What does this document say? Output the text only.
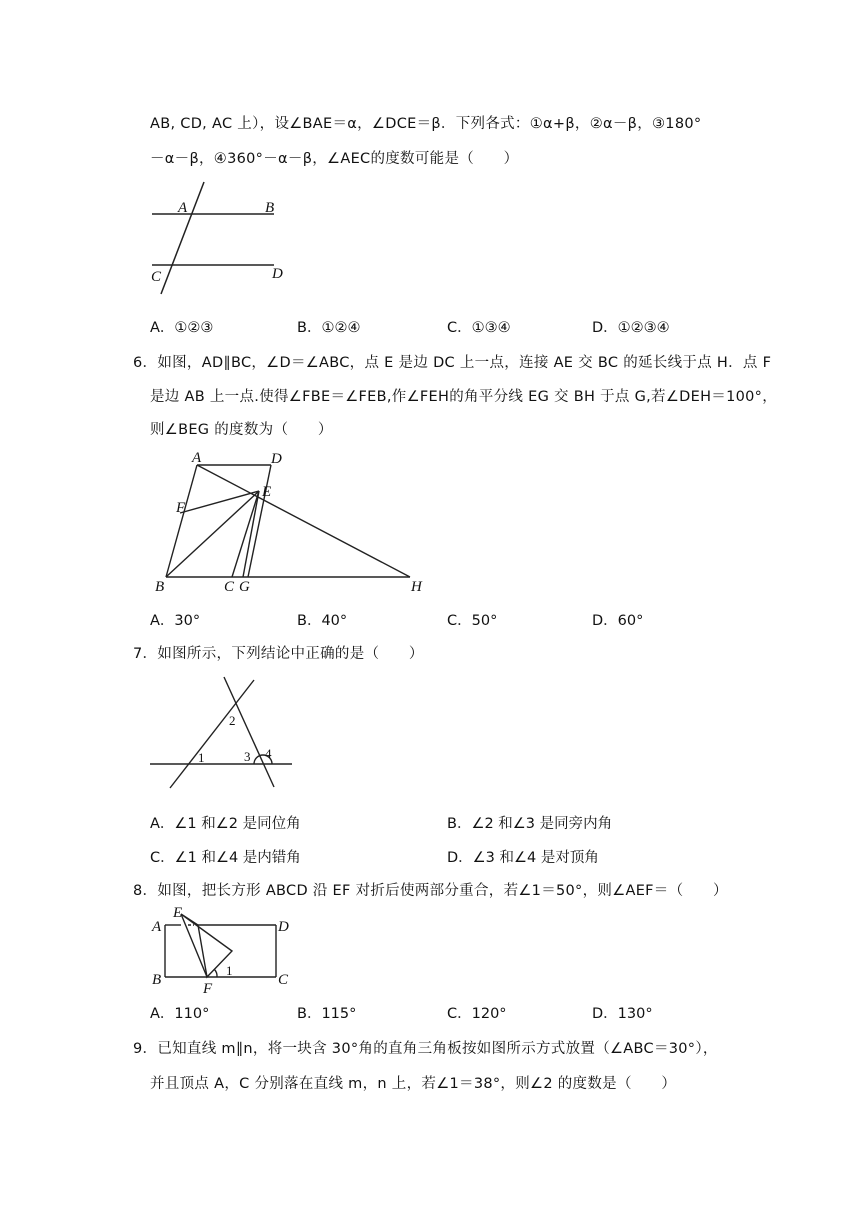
AB, CD, AC 上），设∠BAE＝α，∠DCE＝β．下列各式：①α+β，②α－β，③180°
－α－β，④360°－α－β，∠AEC的度数可能是（　　）
A	B
C	D
A．①②③	B．①②④	C．①③④	D．①②③④
6．如图，AD∥BC，∠D＝∠ABC，点 E 是边 DC 上一点，连接 AE 交 BC 的延长线于点 H．点 F
是边 AB 上一点.使得∠FBE＝∠FEB,作∠FEH的角平分线 EG 交 BH 于点 G,若∠DEH＝100°，
则∠BEG 的度数为（　　）
A	D
E
F
B	C G	H
A．30°	B．40°	C．50°	D．60°
7．如图所示，下列结论中正确的是（　　）
1
2
3 4
A．∠1 和∠2 是同位角	B．∠2 和∠3 是同旁内角
C．∠1 和∠4 是内错角	D．∠3 和∠4 是对顶角
8．如图，把长方形 ABCD 沿 EF 对折后使两部分重合，若∠1＝50°，则∠AEF＝（　　）
E
A	D
B	C
F
1
A．110°	B．115°	C．120°	D．130°
9．已知直线 m∥n，将一块含 30°角的直角三角板按如图所示方式放置（∠ABC＝30°），
并且顶点 A，C 分别落在直线 m，n 上，若∠1＝38°，则∠2 的度数是（　　）
